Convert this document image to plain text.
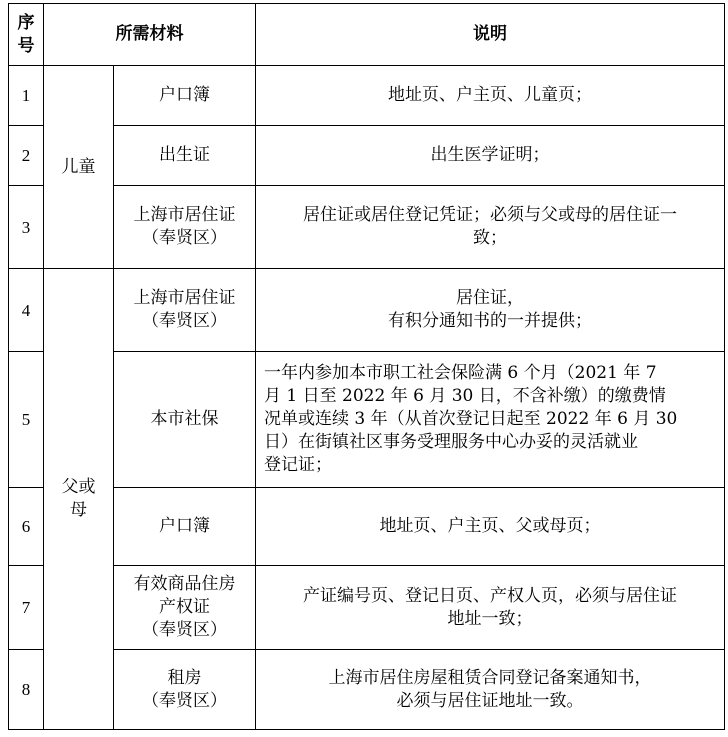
序
号	所需材料		说明
1	儿童	户口簿	地址页、户主页、儿童页；
2		出生证	出生医学证明；
3		上海市居住证
（奉贤区）	居住证或居住登记凭证；必须与父或母的居住证一
致；
4	父或
母	上海市居住证
（奉贤区）	居住证，
有积分通知书的一并提供；
5		本市社保	一年内参加本市职工社会保险满 6 个月（2021 年 7
月 1 日至 2022 年 6 月 30 日，不含补缴）的缴费情
况单或连续 3 年（从首次登记日起至 2022 年 6 月 30
日）在街镇社区事务受理服务中心办妥的灵活就业
登记证；
6		户口簿	地址页、户主页、父或母页；
7		有效商品住房
产权证
（奉贤区）	产证编号页、登记日页、产权人页，必须与居住证
地址一致；
8		租房
（奉贤区）	上海市居住房屋租赁合同登记备案通知书，
必须与居住证地址一致。
